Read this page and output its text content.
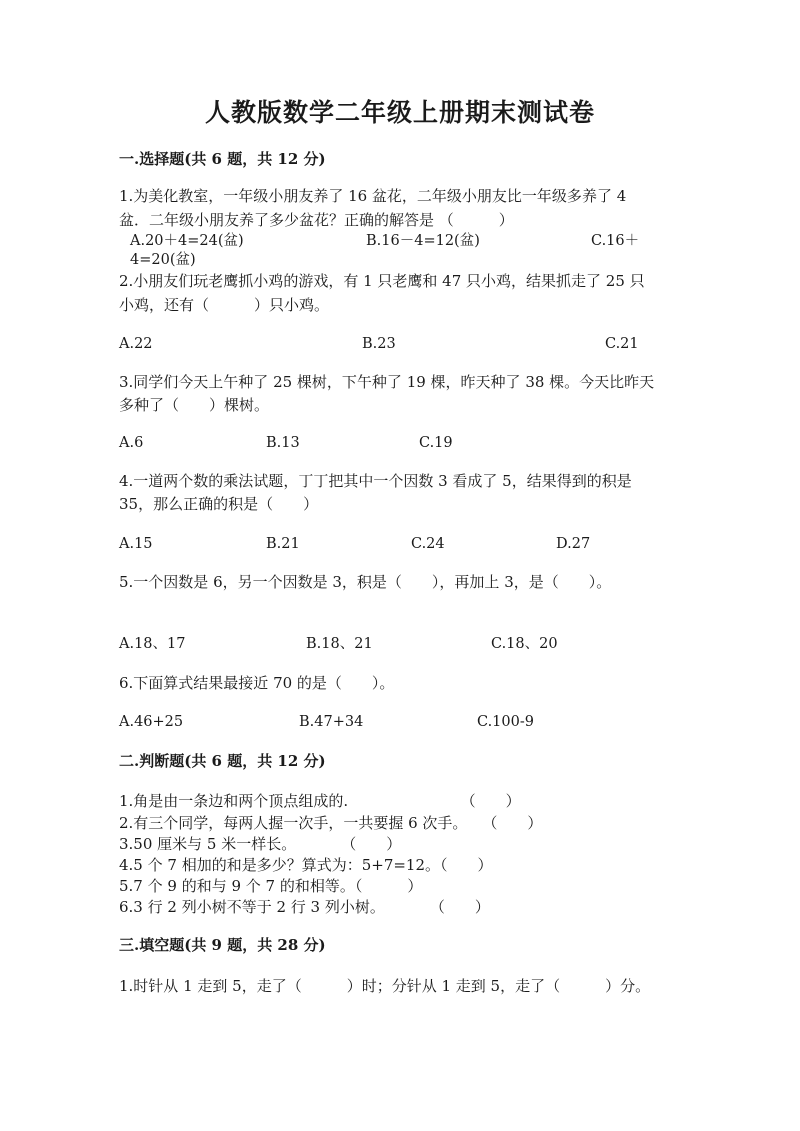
人教版数学二年级上册期末测试卷
一.选择题(共 6 题，共 12 分)
1.为美化教室，一年级小朋友养了 16 盆花，二年级小朋友比一年级多养了 4
盆．二年级小朋友养了多少盆花？正确的解答是 （　　　）
A.20＋4=24(盆)	B.16－4=12(盆)	C.16＋
4=20(盆)
2.小朋友们玩老鹰抓小鸡的游戏，有 1 只老鹰和 47 只小鸡，结果抓走了 25 只
小鸡，还有（　　　）只小鸡。
A.22	B.23	C.21
3.同学们今天上午种了 25 棵树，下午种了 19 棵，昨天种了 38 棵。今天比昨天
多种了（　　）棵树。
A.6	B.13	C.19
4.一道两个数的乘法试题，丁丁把其中一个因数 3 看成了 5，结果得到的积是
35，那么正确的积是（　　）
A.15	B.21	C.24	D.27
5.一个因数是 6，另一个因数是 3，积是（　　），再加上 3，是（　　）。
A.18、17	B.18、21	C.18、20
6.下面算式结果最接近 70 的是（　　）。
A.46+25	B.47+34	C.100-9
二.判断题(共 6 题，共 12 分)
1.角是由一条边和两个顶点组成的.　　　　　　　　（　　）
2.有三个同学，每两人握一次手，一共要握 6 次手。　　（　　）
3.50 厘米与 5 米一样长。　　　　（　　）
4.5 个 7 相加的和是多少？算式为：5+7=12。（　　）
5.7 个 9 的和与 9 个 7 的和相等。（　　　）
6.3 行 2 列小树不等于 2 行 3 列小树。　　　　（　　）
三.填空题(共 9 题，共 28 分)
1.时针从 1 走到 5，走了（　　　）时；分针从 1 走到 5，走了（　　　）分。
